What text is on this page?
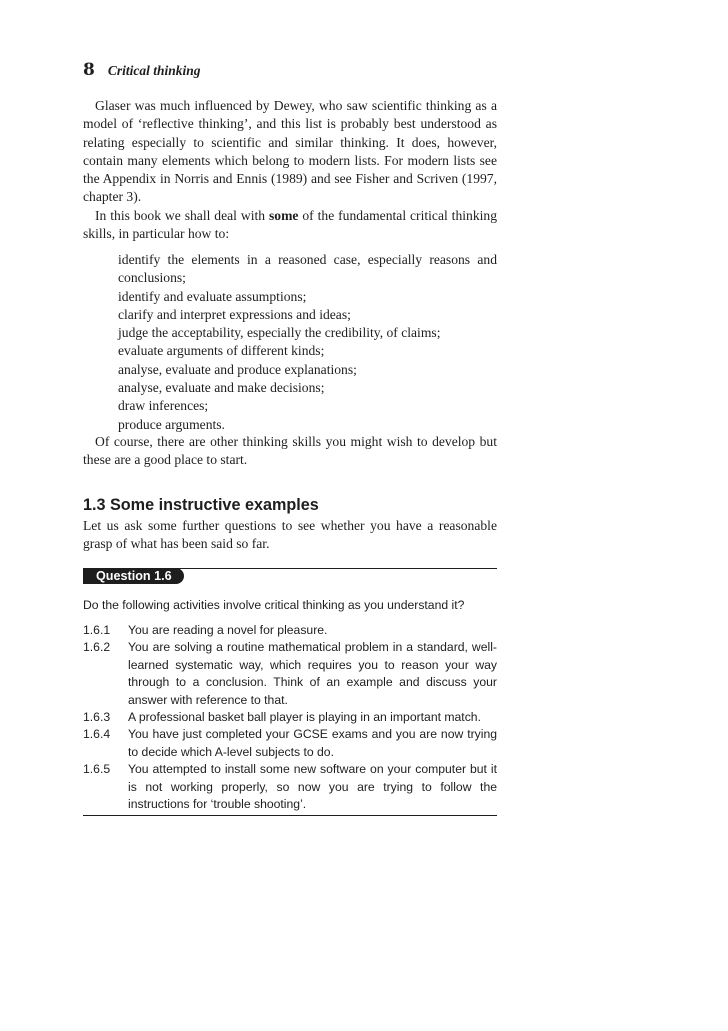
8 Critical thinking

Glaser was much influenced by Dewey, who saw scientific thinking as a model of ‘reflective thinking’, and this list is probably best understood as relating especially to scientific and similar thinking. It does, however, contain many elements which belong to modern lists. For modern lists see the Appendix in Norris and Ennis (1989) and see Fisher and Scriven (1997, chapter 3).

In this book we shall deal with some of the fundamental critical thinking skills, in particular how to:

identify the elements in a reasoned case, especially reasons and conclusions;
identify and evaluate assumptions;
clarify and interpret expressions and ideas;
judge the acceptability, especially the credibility, of claims;
evaluate arguments of different kinds;
analyse, evaluate and produce explanations;
analyse, evaluate and make decisions;
draw inferences;
produce arguments.

Of course, there are other thinking skills you might wish to develop but these are a good place to start.

1.3 Some instructive examples

Let us ask some further questions to see whether you have a reasonable grasp of what has been said so far.

Question 1.6

Do the following activities involve critical thinking as you understand it?

1.6.1	You are reading a novel for pleasure.
1.6.2	You are solving a routine mathematical problem in a standard, well-learned systematic way, which requires you to reason your way through to a conclusion. Think of an example and discuss your answer with reference to that.
1.6.3	A professional basket ball player is playing in an important match.
1.6.4	You have just completed your GCSE exams and you are now trying to decide which A-level subjects to do.
1.6.5	You attempted to install some new software on your computer but it is not working properly, so now you are trying to follow the instructions for ‘trouble shooting’.
